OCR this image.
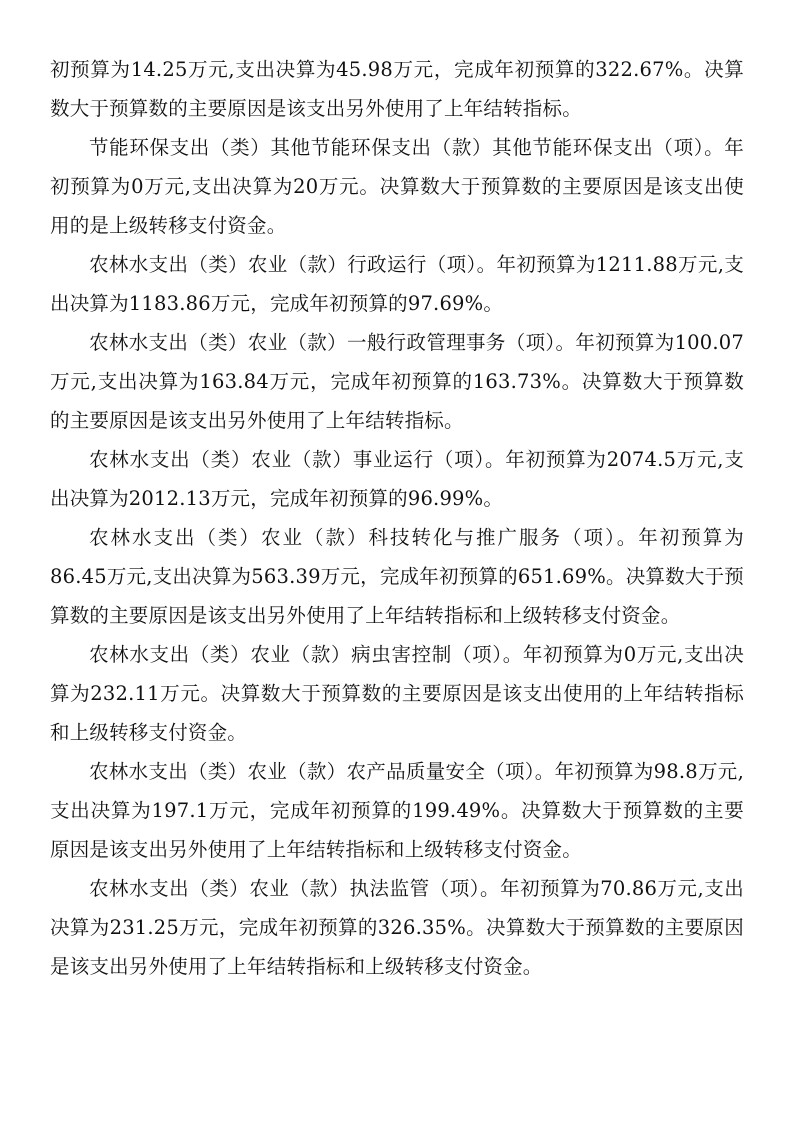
初预算为14.25万元,支出决算为45.98万元，完成年初预算的322.67%。决算数大于预算数的主要原因是该支出另外使用了上年结转指标。

节能环保支出（类）其他节能环保支出（款）其他节能环保支出（项）。年初预算为0万元,支出决算为20万元。决算数大于预算数的主要原因是该支出使用的是上级转移支付资金。

农林水支出（类）农业（款）行政运行（项）。年初预算为1211.88万元,支出决算为1183.86万元，完成年初预算的97.69%。

农林水支出（类）农业（款）一般行政管理事务（项）。年初预算为100.07万元,支出决算为163.84万元，完成年初预算的163.73%。决算数大于预算数的主要原因是该支出另外使用了上年结转指标。

农林水支出（类）农业（款）事业运行（项）。年初预算为2074.5万元,支出决算为2012.13万元，完成年初预算的96.99%。

农林水支出（类）农业（款）科技转化与推广服务（项）。年初预算为86.45万元,支出决算为563.39万元，完成年初预算的651.69%。决算数大于预算数的主要原因是该支出另外使用了上年结转指标和上级转移支付资金。

农林水支出（类）农业（款）病虫害控制（项）。年初预算为0万元,支出决算为232.11万元。决算数大于预算数的主要原因是该支出使用的上年结转指标和上级转移支付资金。

农林水支出（类）农业（款）农产品质量安全（项）。年初预算为98.8万元,支出决算为197.1万元，完成年初预算的199.49%。决算数大于预算数的主要原因是该支出另外使用了上年结转指标和上级转移支付资金。

农林水支出（类）农业（款）执法监管（项）。年初预算为70.86万元,支出决算为231.25万元，完成年初预算的326.35%。决算数大于预算数的主要原因是该支出另外使用了上年结转指标和上级转移支付资金。
